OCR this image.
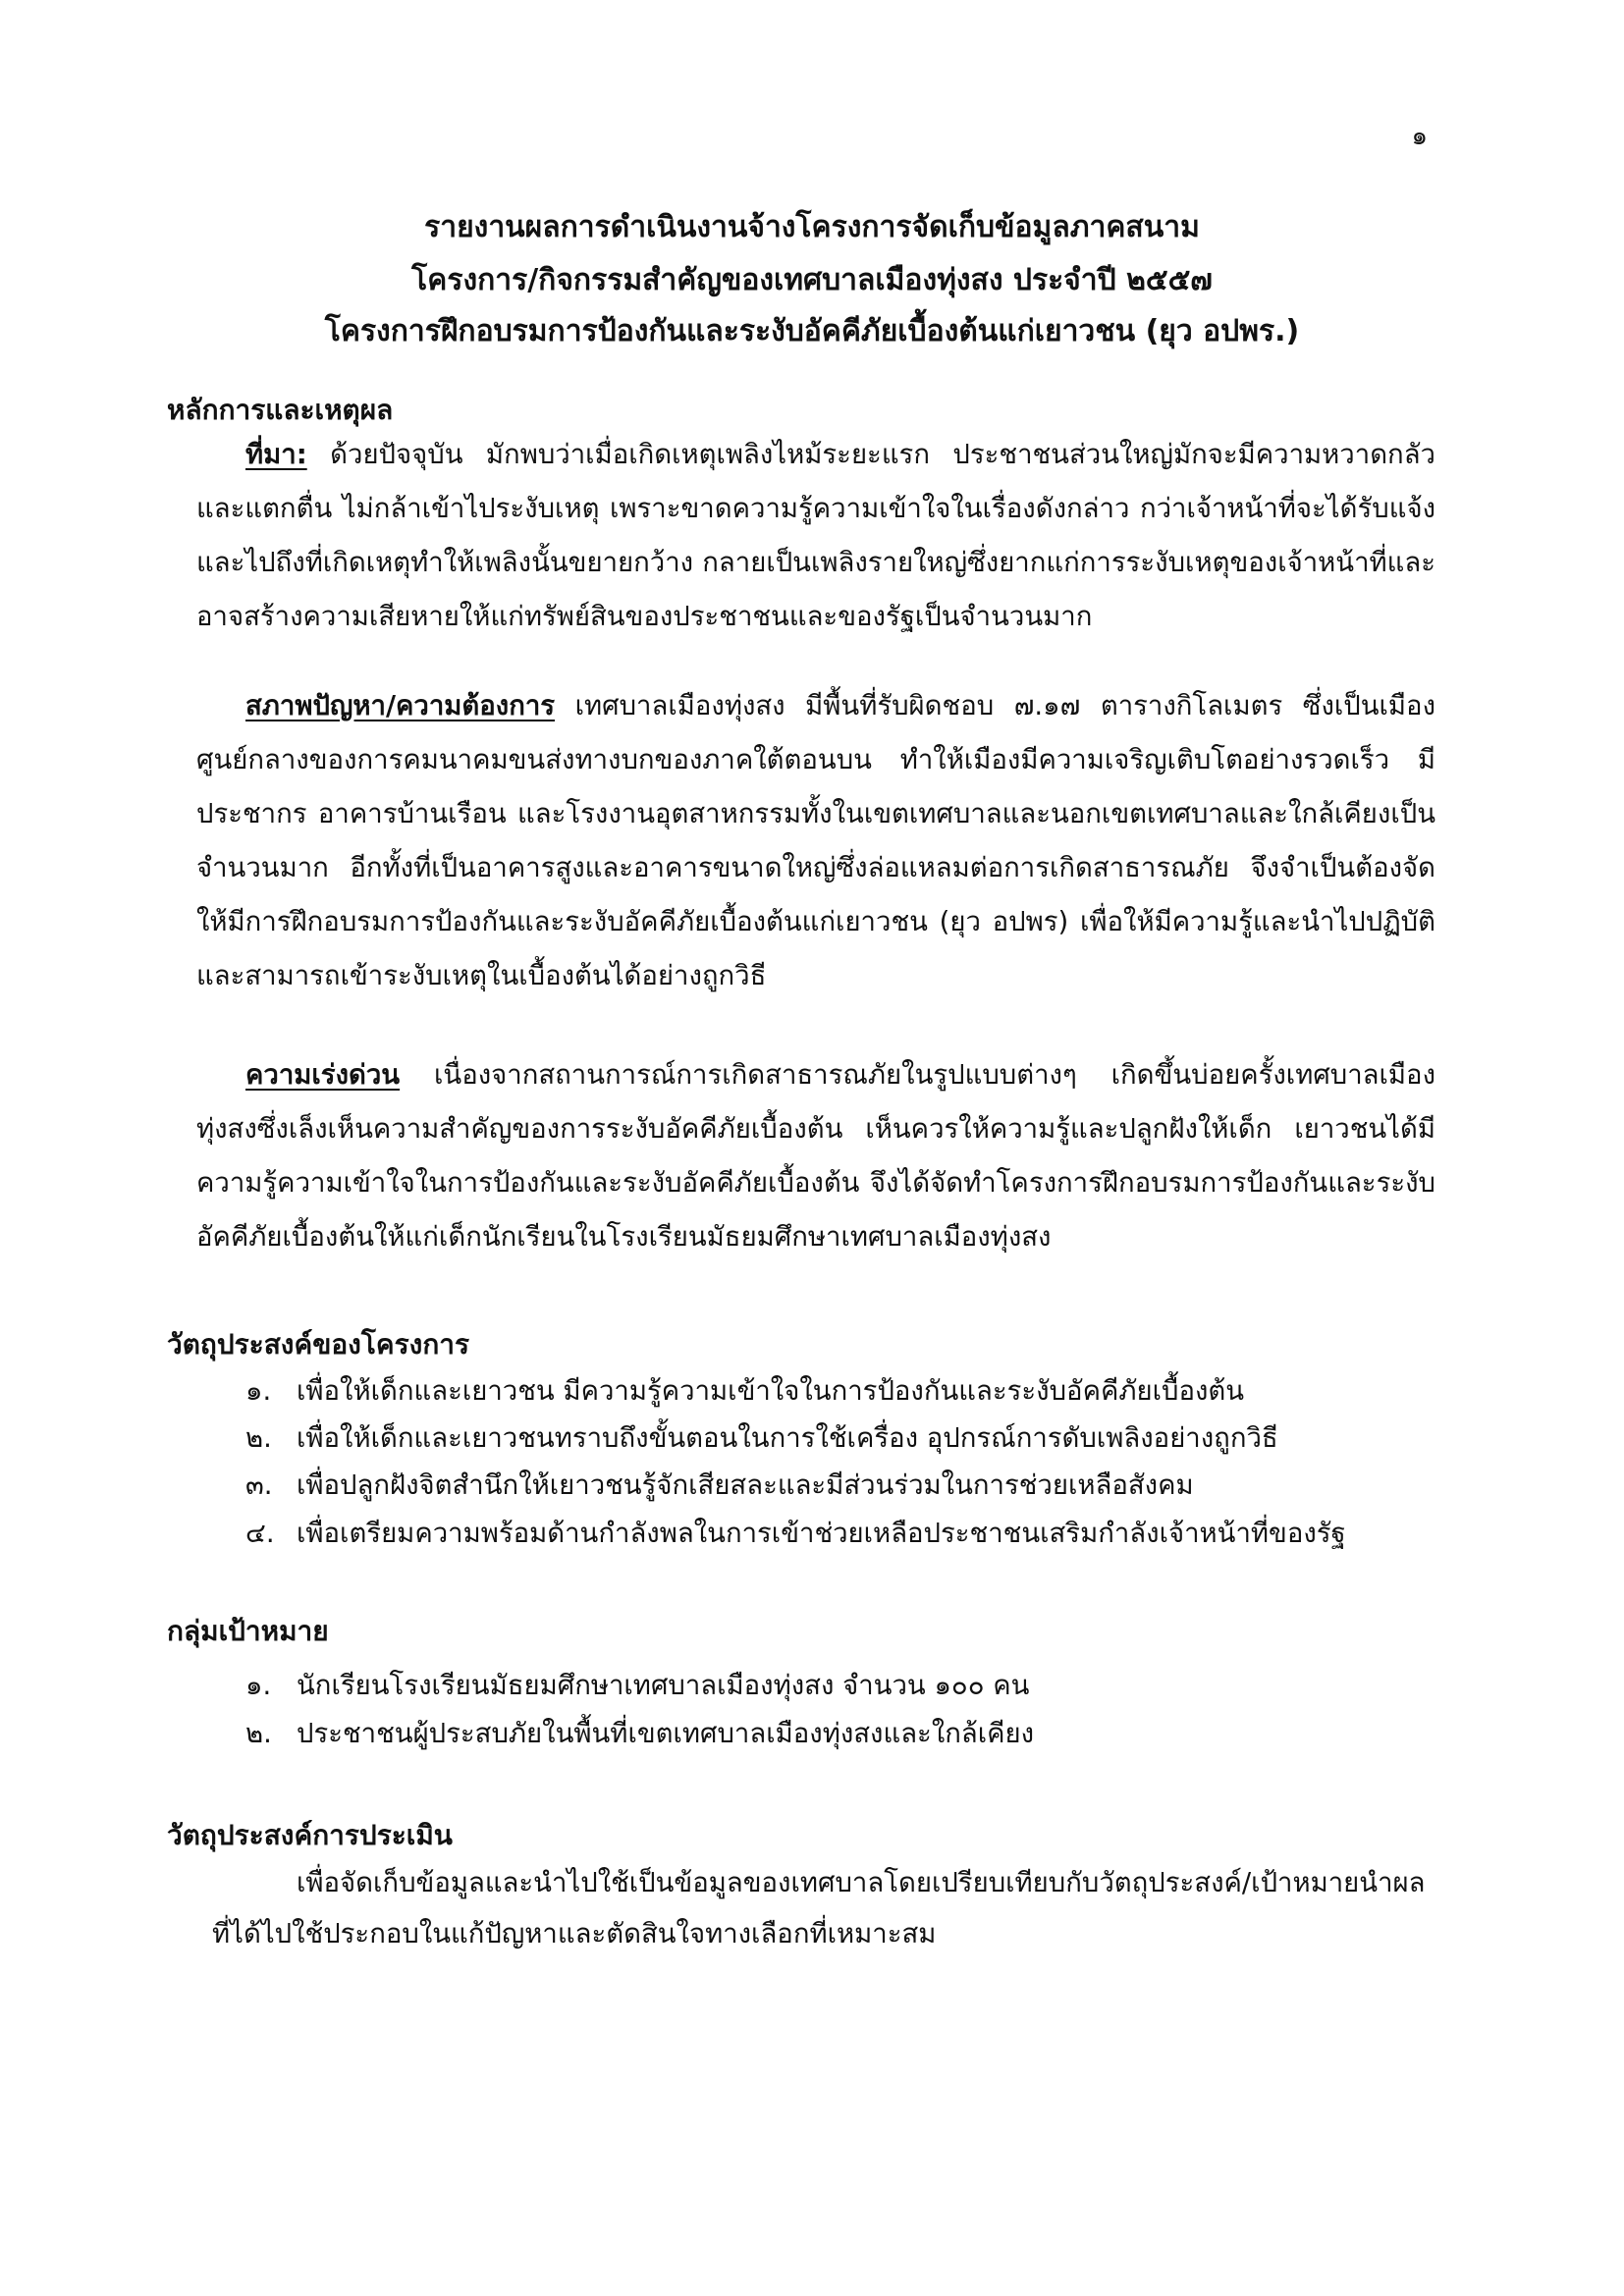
๑
รายงานผลการดำเนินงานจ้างโครงการจัดเก็บข้อมูลภาคสนาม
โครงการ/กิจกรรมสำคัญของเทศบาลเมืองทุ่งสง ประจำปี ๒๕๕๗
โครงการฝึกอบรมการป้องกันและระงับอัคคีภัยเบื้องต้นแก่เยาวชน (ยุว อปพร.)
หลักการและเหตุผล
ที่มา: ด้วยปัจจุบัน มักพบว่าเมื่อเกิดเหตุเพลิงไหม้ระยะแรก ประชาชนส่วนใหญ่มักจะมีความหวาดกลัวและแตกตื่น ไม่กล้าเข้าไประงับเหตุ เพราะขาดความรู้ความเข้าใจในเรื่องดังกล่าว กว่าเจ้าหน้าที่จะได้รับแจ้งและไปถึงที่เกิดเหตุทำให้เพลิงนั้นขยายกว้าง กลายเป็นเพลิงรายใหญ่ซึ่งยากแก่การระงับเหตุของเจ้าหน้าที่และอาจสร้างความเสียหายให้แก่ทรัพย์สินของประชาชนและของรัฐเป็นจำนวนมาก
สภาพปัญหา/ความต้องการ เทศบาลเมืองทุ่งสง มีพื้นที่รับผิดชอบ ๗.๑๗ ตารางกิโลเมตร ซึ่งเป็นเมืองศูนย์กลางของการคมนาคมขนส่งทางบกของภาคใต้ตอนบน ทำให้เมืองมีความเจริญเติบโตอย่างรวดเร็ว มีประชากร อาคารบ้านเรือน และโรงงานอุตสาหกรรมทั้งในเขตเทศบาลและนอกเขตเทศบาลและใกล้เคียงเป็นจำนวนมาก อีกทั้งที่เป็นอาคารสูงและอาคารขนาดใหญ่ซึ่งล่อแหลมต่อการเกิดสาธารณภัย จึงจำเป็นต้องจัดให้มีการฝึกอบรมการป้องกันและระงับอัคคีภัยเบื้องต้นแก่เยาวชน (ยุว อปพร) เพื่อให้มีความรู้และนำไปปฏิบัติและสามารถเข้าระงับเหตุในเบื้องต้นได้อย่างถูกวิธี
ความเร่งด่วน เนื่องจากสถานการณ์การเกิดสาธารณภัยในรูปแบบต่างๆ เกิดขึ้นบ่อยครั้งเทศบาลเมืองทุ่งสงซึ่งเล็งเห็นความสำคัญของการระงับอัคคีภัยเบื้องต้น เห็นควรให้ความรู้และปลูกฝังให้เด็ก เยาวชนได้มีความรู้ความเข้าใจในการป้องกันและระงับอัคคีภัยเบื้องต้น จึงได้จัดทำโครงการฝึกอบรมการป้องกันและระงับอัคคีภัยเบื้องต้นให้แก่เด็กนักเรียนในโรงเรียนมัธยมศึกษาเทศบาลเมืองทุ่งสง
วัตถุประสงค์ของโครงการ
๑. เพื่อให้เด็กและเยาวชน มีความรู้ความเข้าใจในการป้องกันและระงับอัคคีภัยเบื้องต้น
๒. เพื่อให้เด็กและเยาวชนทราบถึงขั้นตอนในการใช้เครื่อง อุปกรณ์การดับเพลิงอย่างถูกวิธี
๓. เพื่อปลูกฝังจิตสำนึกให้เยาวชนรู้จักเสียสละและมีส่วนร่วมในการช่วยเหลือสังคม
๔. เพื่อเตรียมความพร้อมด้านกำลังพลในการเข้าช่วยเหลือประชาชนเสริมกำลังเจ้าหน้าที่ของรัฐ
กลุ่มเป้าหมาย
๑. นักเรียนโรงเรียนมัธยมศึกษาเทศบาลเมืองทุ่งสง จำนวน ๑๐๐ คน
๒. ประชาชนผู้ประสบภัยในพื้นที่เขตเทศบาลเมืองทุ่งสงและใกล้เคียง
วัตถุประสงค์การประเมิน
เพื่อจัดเก็บข้อมูลและนำไปใช้เป็นข้อมูลของเทศบาลโดยเปรียบเทียบกับวัตถุประสงค์/เป้าหมายนำผลที่ได้ไปใช้ประกอบในแก้ปัญหาและตัดสินใจทางเลือกที่เหมาะสม
